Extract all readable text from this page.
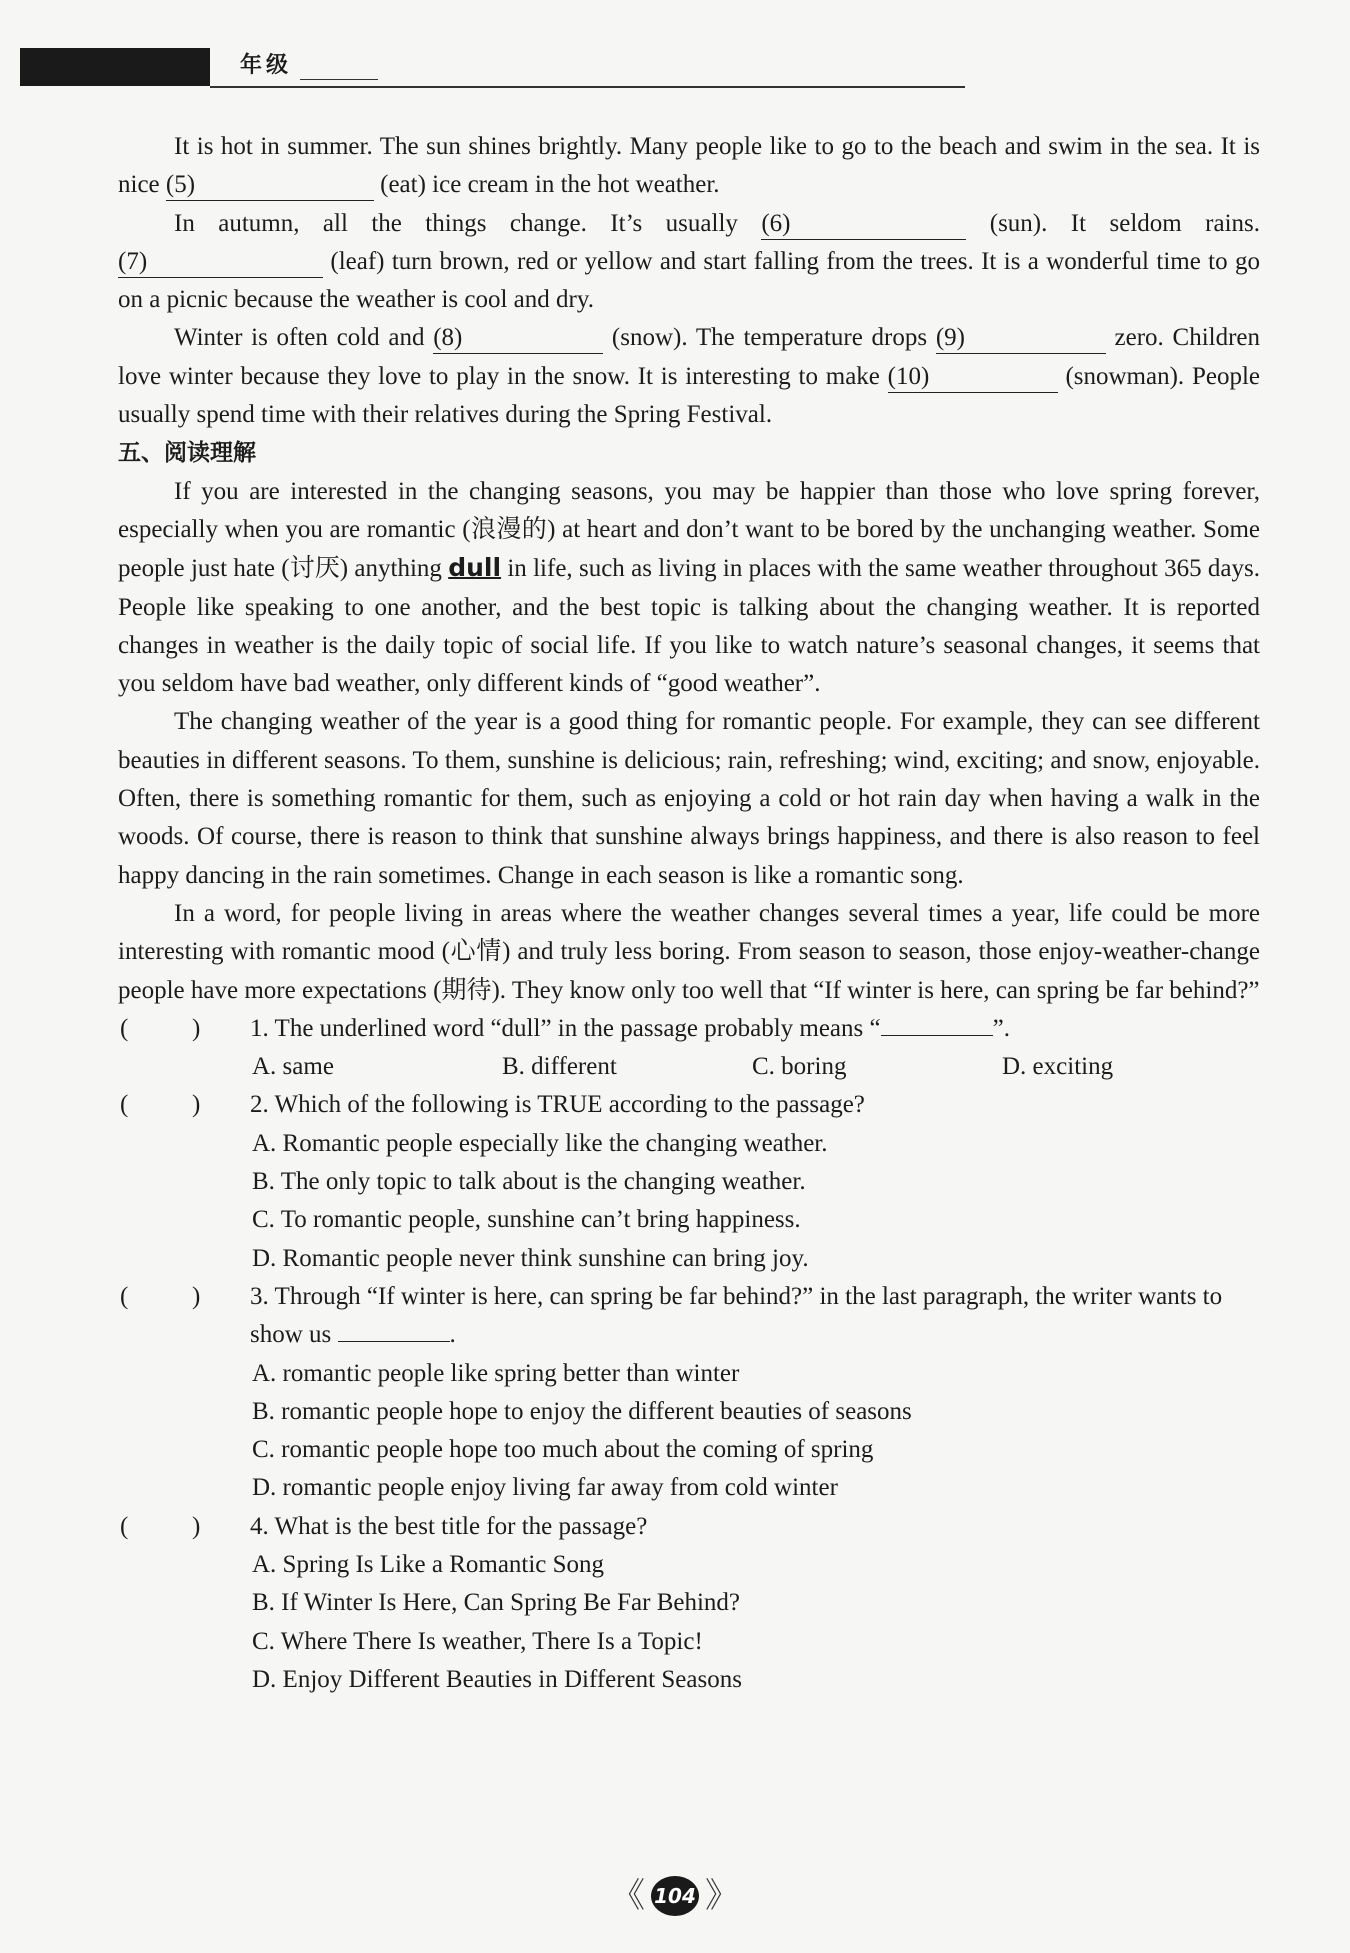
年级

It is hot in summer. The sun shines brightly. Many people like to go to the beach and swim in the sea. It is nice (5)	(eat) ice cream in the hot weather.

In autumn, all the things change. It’s usually (6)	(sun). It seldom rains. (7)	(leaf) turn brown, red or yellow and start falling from the trees. It is a wonderful time to go on a picnic because the weather is cool and dry.

Winter is often cold and (8)	(snow). The temperature drops (9)	zero. Children love winter because they love to play in the snow. It is interesting to make (10)	(snowman). People usually spend time with their relatives during the Spring Festival.

五、阅读理解

If you are interested in the changing seasons, you may be happier than those who love spring forever, especially when you are romantic (浪漫的) at heart and don’t want to be bored by the unchanging weather. Some people just hate (讨厌) anything dull in life, such as living in places with the same weather throughout 365 days. People like speaking to one another, and the best topic is talking about the changing weather. It is reported changes in weather is the daily topic of social life. If you like to watch nature’s seasonal changes, it seems that you seldom have bad weather, only different kinds of “good weather”.

The changing weather of the year is a good thing for romantic people. For example, they can see different beauties in different seasons. To them, sunshine is delicious; rain, refreshing; wind, exciting; and snow, enjoyable. Often, there is something romantic for them, such as enjoying a cold or hot rain day when having a walk in the woods. Of course, there is reason to think that sunshine always brings happiness, and there is also reason to feel happy dancing in the rain sometimes. Change in each season is like a romantic song.

In a word, for people living in areas where the weather changes several times a year, life could be more interesting with romantic mood (心情) and truly less boring. From season to season, those enjoy-weather-change people have more expectations (期待). They know only too well that “If winter is here, can spring be far behind?”

(	) 1. The underlined word “dull” in the passage probably means “	”.
A. same	B. different	C. boring	D. exciting
(	) 2. Which of the following is TRUE according to the passage?
A. Romantic people especially like the changing weather.
B. The only topic to talk about is the changing weather.
C. To romantic people, sunshine can’t bring happiness.
D. Romantic people never think sunshine can bring joy.
(	) 3. Through “If winter is here, can spring be far behind?” in the last paragraph, the writer wants to show us	.
A. romantic people like spring better than winter
B. romantic people hope to enjoy the different beauties of seasons
C. romantic people hope too much about the coming of spring
D. romantic people enjoy living far away from cold winter
(	) 4. What is the best title for the passage?
A. Spring Is Like a Romantic Song
B. If Winter Is Here, Can Spring Be Far Behind?
C. Where There Is weather, There Is a Topic!
D. Enjoy Different Beauties in Different Seasons
《 104 》
